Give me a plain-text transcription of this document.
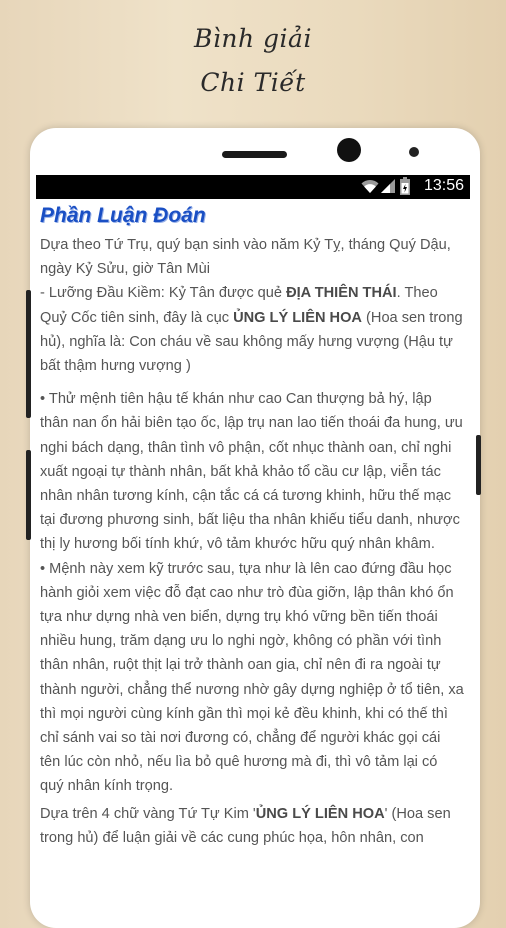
Bình giải
Chi Tiết
13:56
Phần Luận Đoán

Dựa theo Tứ Trụ, quý bạn sinh vào năm Kỷ Tỵ, tháng Quý Dậu, ngày Kỷ Sửu, giờ Tân Mùi

- Lưỡng Đầu Kiềm: Kỷ Tân được quẻ ĐỊA THIÊN THÁI. Theo Quỷ Cốc tiên sinh, đây là cục ỦNG LÝ LIÊN HOA (Hoa sen trong hủ), nghĩa là: Con cháu về sau không mấy hưng vượng (Hậu tự bất thậm hưng vượng )

• Thử mệnh tiên hậu tế khán như cao Can thượng bả hý, lập thân nan ổn hải biên tạo ốc, lập trụ nan lao tiến thoái đa hung, ưu nghi bách dạng, thân tình vô phận, cốt nhục thành oan, chỉ nghi xuất ngoại tự thành nhân, bất khả khảo tổ cầu cư lập, viễn tác nhân nhân tương kính, cận tắc cá cá tương khinh, hữu thế mạc tại đương phương sinh, bất liệu tha nhân khiếu tiểu danh, nhược thị ly hương bối tính khứ, vô tảm khước hữu quý nhân khâm.

• Mệnh này xem kỹ trước sau, tựa như là lên cao đứng đầu học hành giỏi xem việc đỗ đạt cao như trò đùa giỡn, lập thân khó ổn tựa như dựng nhà ven biển, dựng trụ khó vững bền tiến thoái nhiều hung, trăm dạng ưu lo nghi ngờ, không có phần với tình thân nhân, ruột thịt lại trở thành oan gia, chỉ nên đi ra ngoài tự thành người, chẳng thể nương nhờ gây dựng nghiệp ở tổ tiên, xa thì mọi người cùng kính gần thì mọi kẻ đều khinh, khi có thế thì chỉ sánh vai so tài nơi đương có, chẳng để người khác gọi cái tên lúc còn nhỏ, nếu lìa bỏ quê hương mà đi, thì vô tảm lại có quý nhân kính trọng.

Dựa trên 4 chữ vàng Tứ Tự Kim 'ỦNG LÝ LIÊN HOA' (Hoa sen trong hủ) để luận giải về các cung phúc họa, hôn nhân, con
